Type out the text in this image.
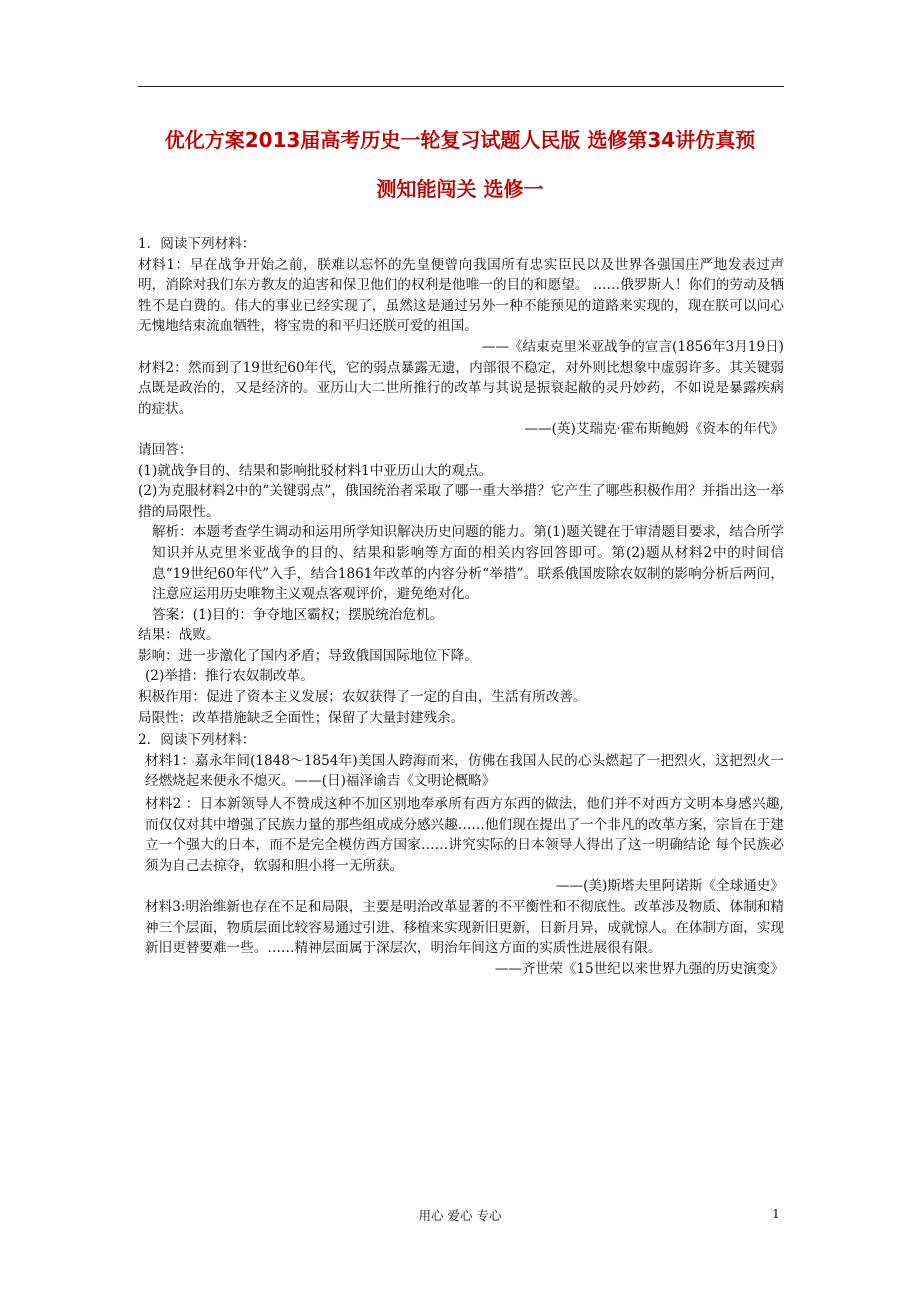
优化方案2013届高考历史一轮复习试题人民版 选修第34讲仿真预
测知能闯关 选修一

1．阅读下列材料：

材料1：早在战争开始之前，朕难以忘怀的先皇便曾向我国所有忠实臣民以及世界各强国庄严地发表过声明，消除对我们东方教友的迫害和保卫他们的权利是他唯一的目的和愿望。 ……俄罗斯人！你们的劳动及牺牲不是白费的。伟大的事业已经实现了，虽然这是通过另外一种不能预见的道路来实现的，现在朕可以问心无愧地结束流血牺牲，将宝贵的和平归还朕可爱的祖国。

——《结束克里米亚战争的宣言(1856年3月19日)

材料2：然而到了19世纪60年代，它的弱点暴露无遗，内部很不稳定，对外则比想象中虚弱许多。其关键弱点既是政治的，又是经济的。亚历山大二世所推行的改革与其说是振衰起敝的灵丹妙药，不如说是暴露疾病的症状。

——(英)艾瑞克·霍布斯鲍姆《资本的年代》

请回答：

(1)就战争目的、结果和影响批驳材料1中亚历山大的观点。

(2)为克服材料2中的“关键弱点”，俄国统治者采取了哪一重大举措？它产生了哪些积极作用？并指出这一举措的局限性。

解析：本题考查学生调动和运用所学知识解决历史问题的能力。第(1)题关键在于审清题目要求，结合所学知识并从克里米亚战争的目的、结果和影响等方面的相关内容回答即可。第(2)题从材料2中的时间信息“19世纪60年代”入手，结合1861年改革的内容分析“举措”。联系俄国废除农奴制的影响分析后两问，注意应运用历史唯物主义观点客观评价，避免绝对化。

答案：(1)目的：争夺地区霸权；摆脱统治危机。

结果：战败。

影响：进一步激化了国内矛盾；导致俄国国际地位下降。

(2)举措：推行农奴制改革。

积极作用：促进了资本主义发展；农奴获得了一定的自由，生活有所改善。

局限性：改革措施缺乏全面性；保留了大量封建残余。

2．阅读下列材料：

材料1：嘉永年间(1848～1854年)美国人跨海而来，仿佛在我国人民的心头燃起了一把烈火，这把烈火一经燃烧起来便永不熄灭。——(日)福泽谕吉《文明论概略》

材料2 ：日本新领导人不赞成这种不加区别地奉承所有西方东西的做法，他们并不对西方文明本身感兴趣,而仅仅对其中增强了民族力量的那些组成成分感兴趣……他们现在提出了一个非凡的改革方案，宗旨在于建立一个强大的日本，而不是完全模仿西方国家……讲究实际的日本领导人得出了这一明确结论 每个民族必须为自己去掠夺，软弱和胆小将一无所获。

——(美)斯塔夫里阿诺斯《全球通史》

材料3:明治维新也存在不足和局限，主要是明治改革显著的不平衡性和不彻底性。改革涉及物质、体制和精神三个层面，物质层面比较容易通过引进、移植来实现新旧更新，日新月异，成就惊人。在体制方面，实现新旧更替要难一些。……精神层面属于深层次，明治年间这方面的实质性进展很有限。

——齐世荣《15世纪以来世界九强的历史演变》

用心 爱心 专心	1
